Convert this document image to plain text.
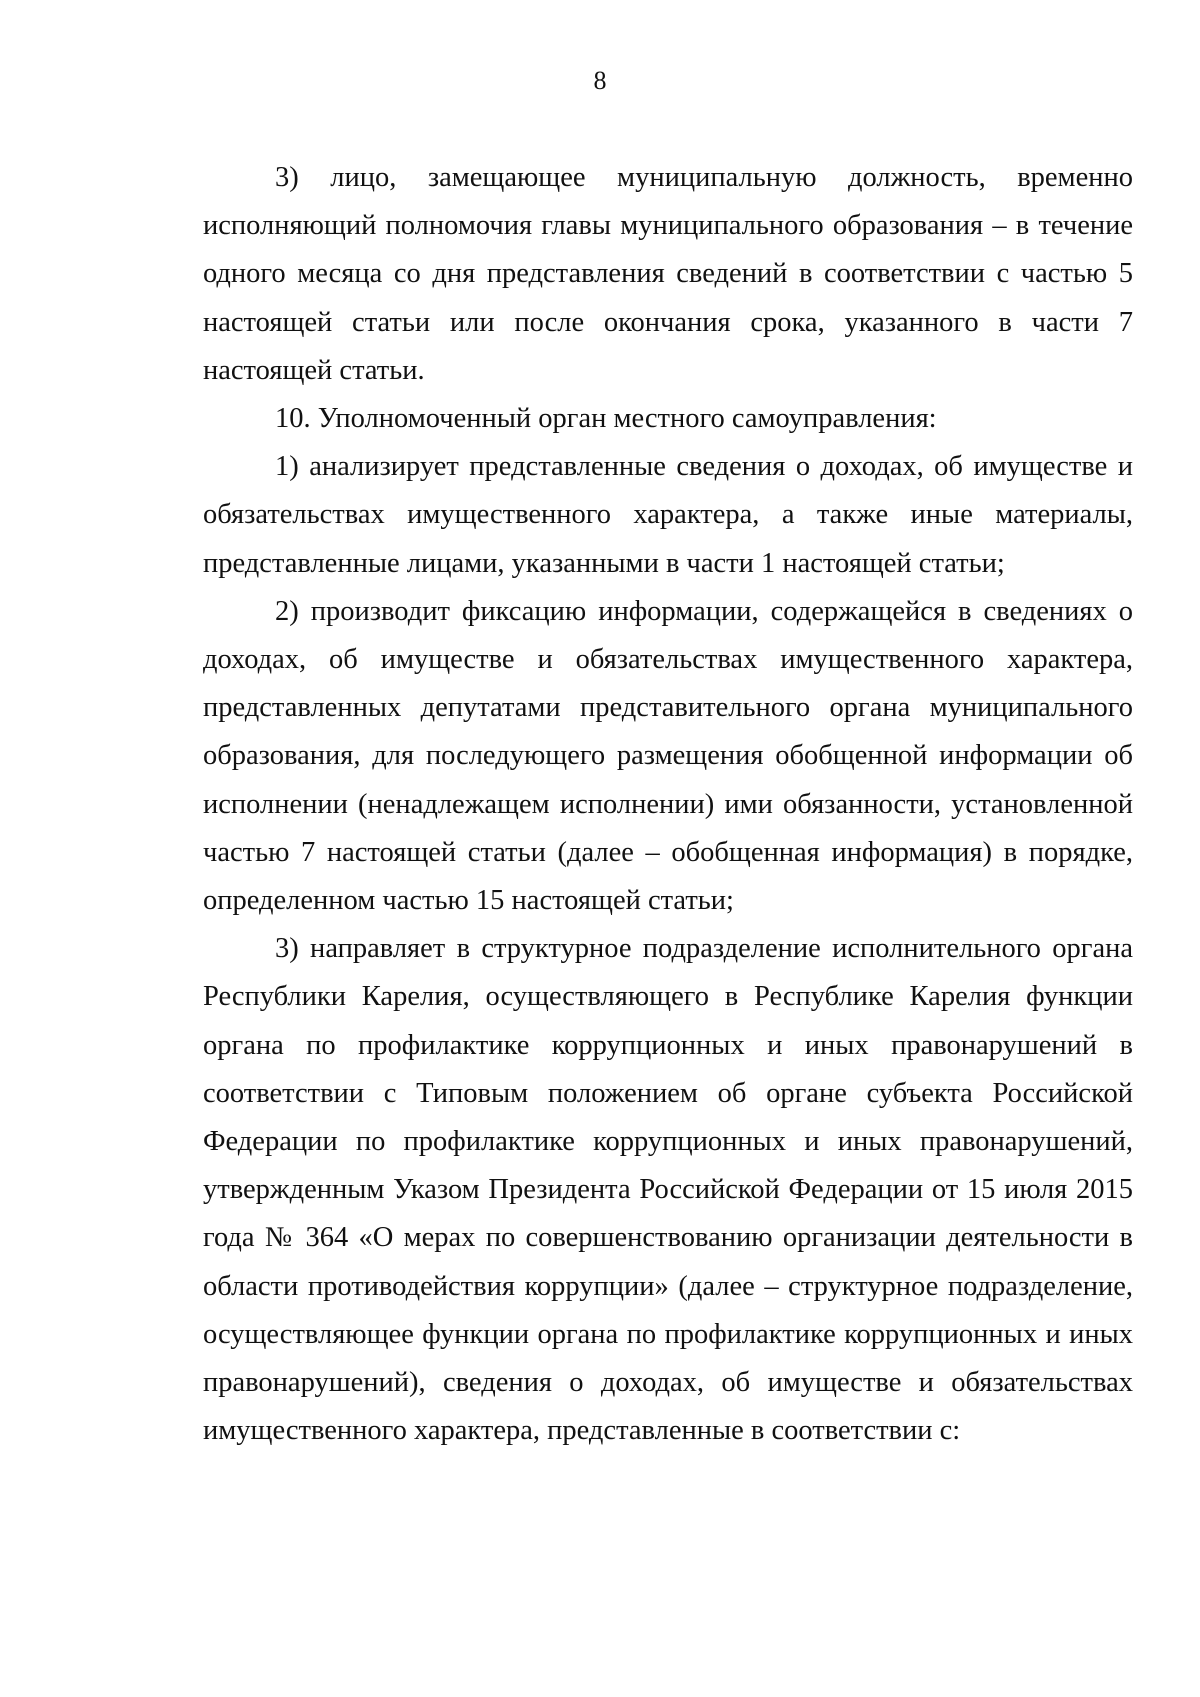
8

3) лицо, замещающее муниципальную должность, временно исполняющий полномочия главы муниципального образования – в течение одного месяца со дня представления сведений в соответствии с частью 5 настоящей статьи или после окончания срока, указанного в части 7 настоящей статьи.

10. Уполномоченный орган местного самоуправления:

1) анализирует представленные сведения о доходах, об имуществе и обязательствах имущественного характера, а также иные материалы, представленные лицами, указанными в части 1 настоящей статьи;

2) производит фиксацию информации, содержащейся в сведениях о доходах, об имуществе и обязательствах имущественного характера, представленных депутатами представительного органа муниципального образования, для последующего размещения обобщенной информации об исполнении (ненадлежащем исполнении) ими обязанности, установленной частью 7 настоящей статьи (далее – обобщенная информация) в порядке, определенном частью 15 настоящей статьи;

3) направляет в структурное подразделение исполнительного органа Республики Карелия, осуществляющего в Республике Карелия функции органа по профилактике коррупционных и иных правонарушений в соответствии с Типовым положением об органе субъекта Российской Федерации по профилактике коррупционных и иных правонарушений, утвержденным Указом Президента Российской Федерации от 15 июля 2015 года № 364 «О мерах по совершенствованию организации деятельности в области противодействия коррупции» (далее – структурное подразделение, осуществляющее функции органа по профилактике коррупционных и иных правонарушений), сведения о доходах, об имуществе и обязательствах имущественного характера, представленные в соответствии с:
